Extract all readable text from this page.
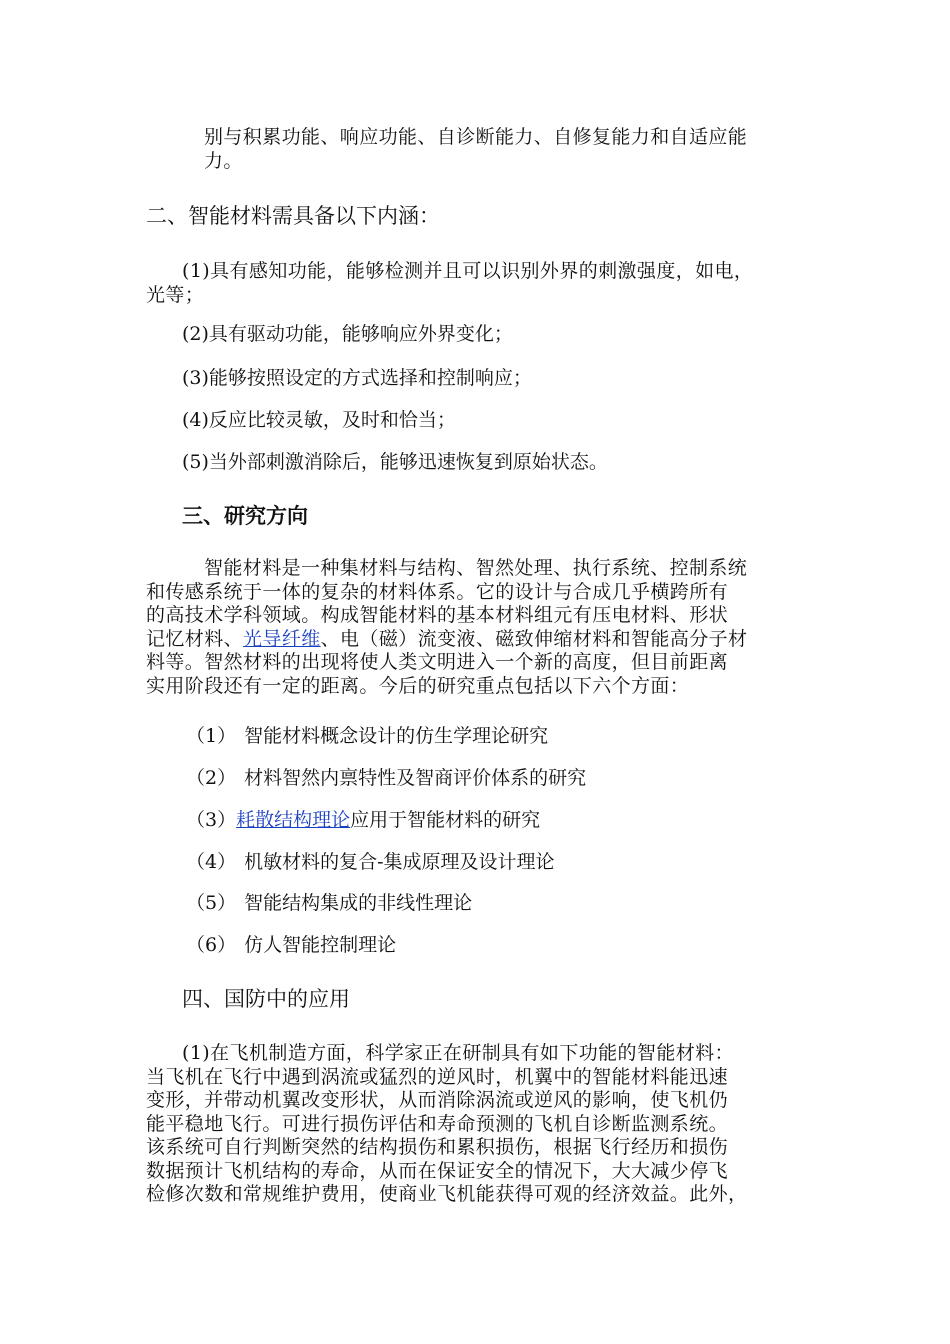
别与积累功能、响应功能、自诊断能力、自修复能力和自适应能
力。
二、智能材料需具备以下内涵：
(1)具有感知功能，能够检测并且可以识别外界的刺激强度，如电，
光等；
(2)具有驱动功能，能够响应外界变化；
(3)能够按照设定的方式选择和控制响应；
(4)反应比较灵敏，及时和恰当；
(5)当外部刺激消除后，能够迅速恢复到原始状态。
三、研究方向
智能材料是一种集材料与结构、智然处理、执行系统、控制系统
和传感系统于一体的复杂的材料体系。它的设计与合成几乎横跨所有
的高技术学科领域。构成智能材料的基本材料组元有压电材料、形状
记忆材料、光导纤维、电（磁）流变液、磁致伸缩材料和智能高分子材
料等。智然材料的出现将使人类文明进入一个新的高度，但目前距离
实用阶段还有一定的距离。今后的研究重点包括以下六个方面：
（1） 智能材料概念设计的仿生学理论研究
（2） 材料智然内禀特性及智商评价体系的研究
（3）耗散结构理论应用于智能材料的研究
（4） 机敏材料的复合-集成原理及设计理论
（5） 智能结构集成的非线性理论
（6） 仿人智能控制理论
四、国防中的应用
(1)在飞机制造方面，科学家正在研制具有如下功能的智能材料：
当飞机在飞行中遇到涡流或猛烈的逆风时，机翼中的智能材料能迅速
变形，并带动机翼改变形状，从而消除涡流或逆风的影响，使飞机仍
能平稳地飞行。可进行损伤评估和寿命预测的飞机自诊断监测系统。
该系统可自行判断突然的结构损伤和累积损伤，根据飞行经历和损伤
数据预计飞机结构的寿命，从而在保证安全的情况下，大大减少停飞
检修次数和常规维护费用，使商业飞机能获得可观的经济效益。此外，
